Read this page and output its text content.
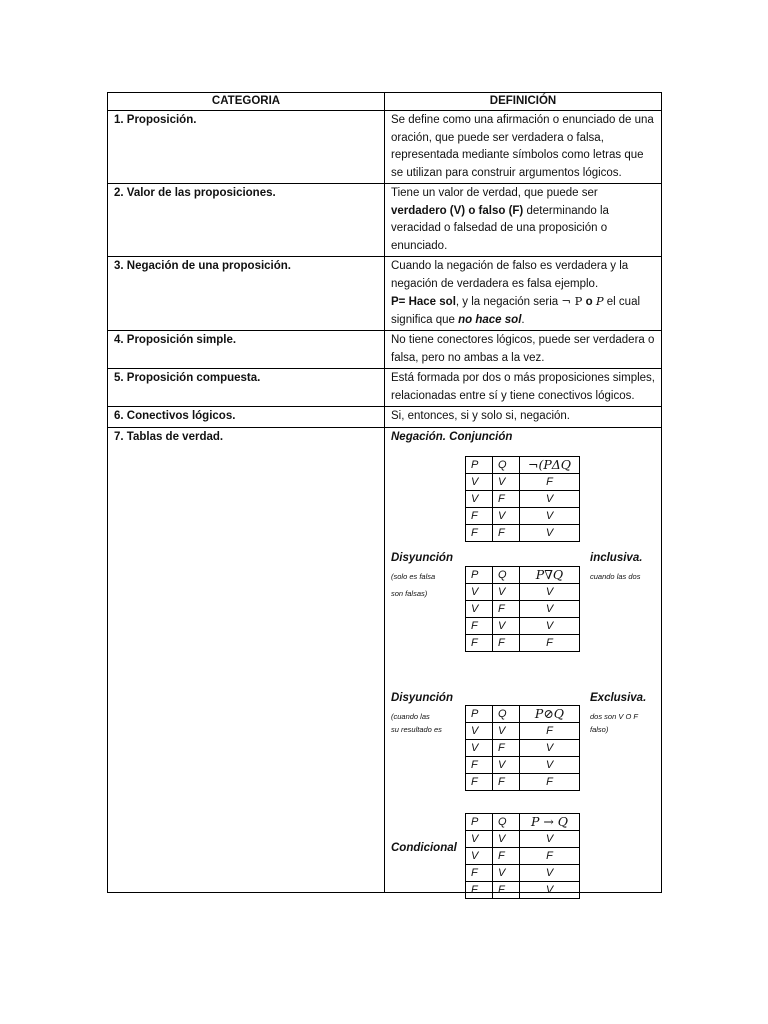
CATEGORIA	DEFINICIÓN
1. Proposición.	Se define como una afirmación o enunciado de una oración, que puede ser verdadera o falsa, representada mediante símbolos como letras que se utilizan para construir argumentos lógicos.
2. Valor de las proposiciones.	Tiene un valor de verdad, que puede ser verdadero (V) o falso (F) determinando la veracidad o falsedad de una proposición o enunciado.
3. Negación de una proposición.	Cuando la negación de falso es verdadera y la negación de verdadera es falsa ejemplo.
P= Hace sol, y la negación seria ¬ P o P el cual significa que no hace sol.
4. Proposición simple.	No tiene conectores lógicos, puede ser verdadera o falsa, pero no ambas a la vez.
5. Proposición compuesta.	Está formada por dos o más proposiciones simples, relacionadas entre sí y tiene conectivos lógicos.
6. Conectivos lógicos.	Si, entonces, si y solo si, negación.
7. Tablas de verdad.	Negación. Conjunción
P	Q	¬(PΔQ
V	V	F
V	F	V
F	V	V
F	F	V
Disyunción	inclusiva.
(solo es falsa
son falsas)
cuando las dos
P	Q	P∇Q
V	V	V
V	F	V
F	V	V
F	F	F
Disyunción	Exclusiva.
(cuando las
su resultado es
dos son V O F
falso)
P	Q	P⊘Q
V	V	F
V	F	V
F	V	V
F	F	F
Condicional
P	Q	P → Q
V	V	V
V	F	F
F	V	V
F	F	V
